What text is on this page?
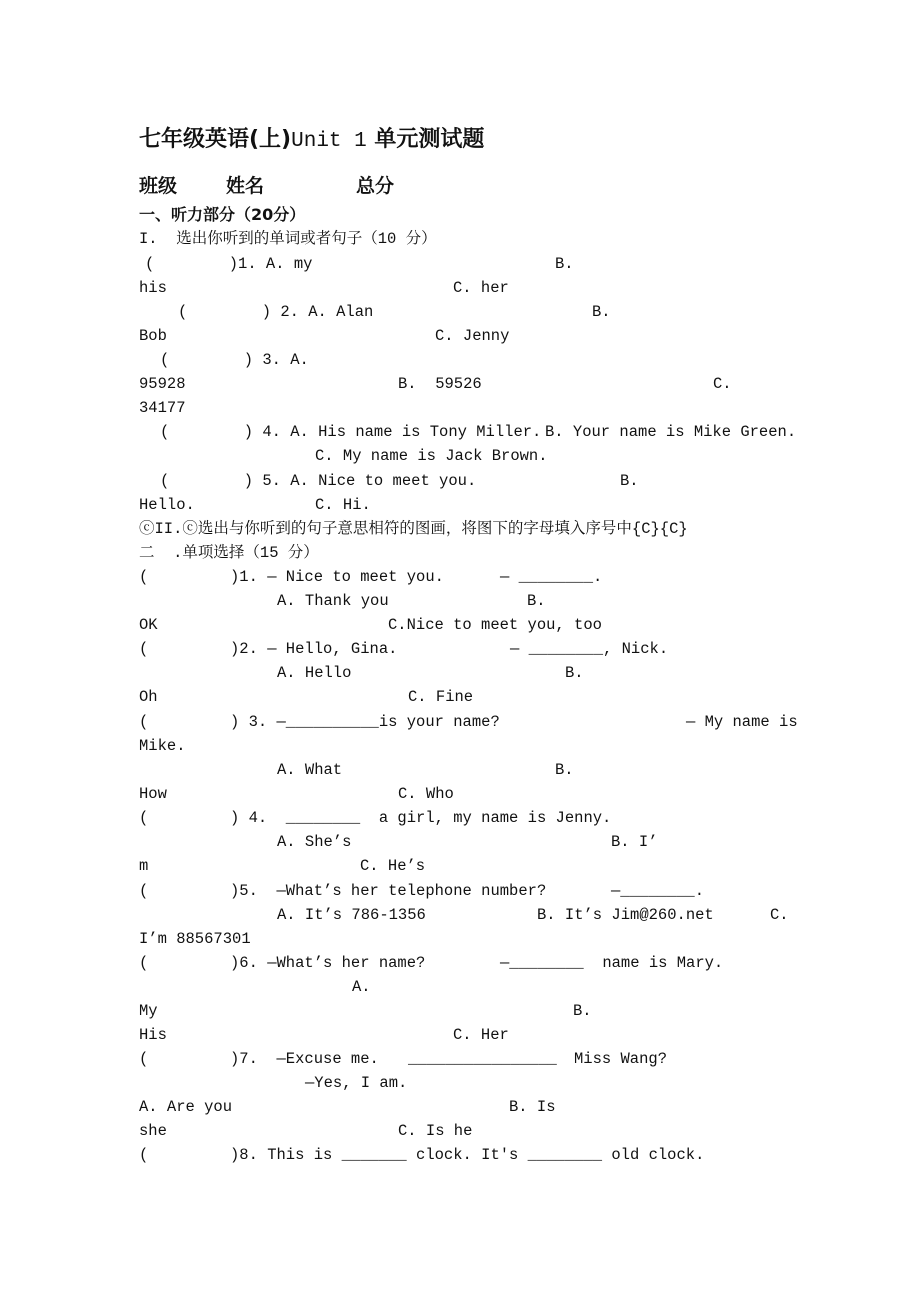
七年级英语(上)Unit 1 单元测试题
班级	姓名	总分
一、听力部分（20分）
I.  选出你听到的单词或者句子（10 分）
(        )1. A. my	B.
his	C. her
(        ) 2. A. Alan	B.
Bob	C. Jenny
(        ) 3. A.
95928	B.  59526	C.
34177
(        ) 4. A. His name is Tony Miller. B. Your name is Mike Green.
C. My name is Jack Brown.
(        ) 5. A. Nice to meet you.	B.
Hello.	C. Hi.
ⓒII.ⓒ选出与你听到的句子意思相符的图画，将图下的字母填入序号中{C}{C}
二  .单项选择（15 分）
(	)1. — Nice to meet you.	— ________.
A. Thank you	B.
OK	C.Nice to meet you, too
(	)2. — Hello, Gina.	— ________, Nick.
A. Hello	B.
Oh	C. Fine
(	) 3. —__________is your name?	— My name is
Mike.
A. What	B.
How	C. Who
(	) 4.  ________  a girl, my name is Jenny.
A. She’s	B. I’
m	C. He’s
(	)5.  —What’s her telephone number?	—________.
A. It’s 786-1356	B. It’s Jim@260.net	C.
I’m 88567301
(	)6. —What’s her name?	—________  name is Mary.
A.
My	B.
His	C. Her
(	)7.  —Excuse me. ________________ Miss Wang?
—Yes, I am.
A. Are you	B. Is
she	C. Is he
(	)8. This is _______ clock. It's ________ old clock.
